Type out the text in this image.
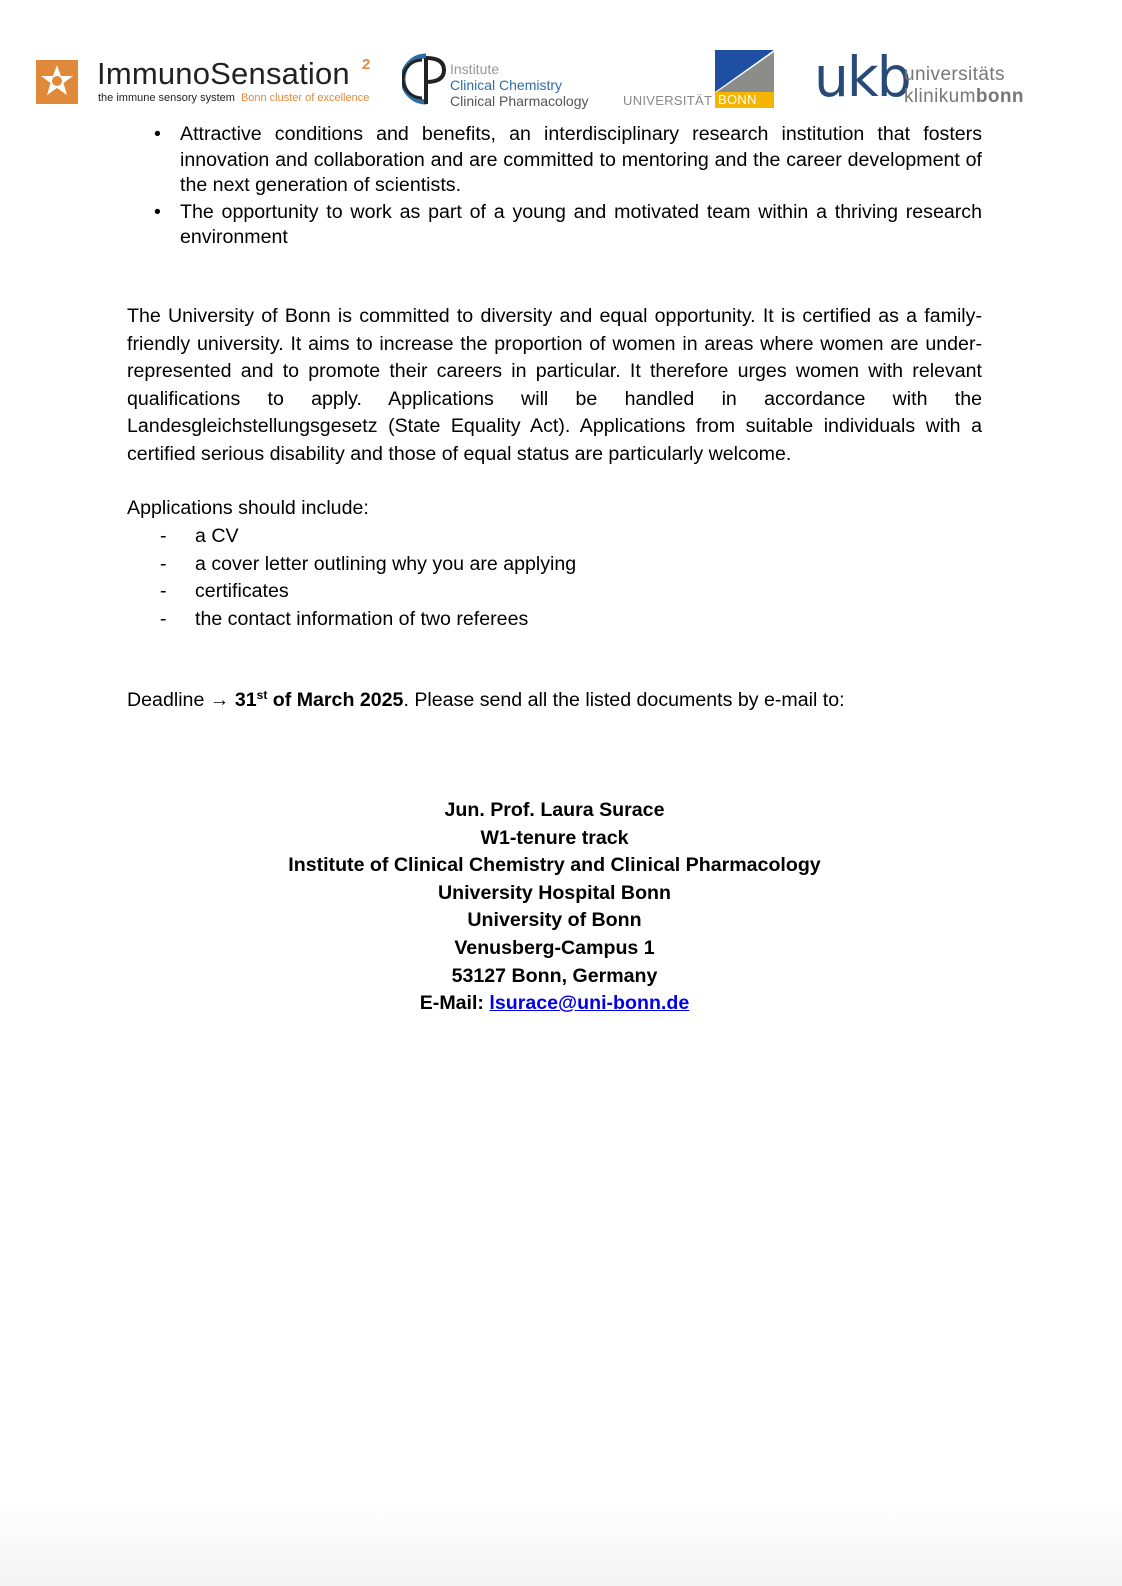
ImmunoSensation 2
the immune sensory system Bonn cluster of excellence
Institute
Clinical Chemistry
Clinical Pharmacology	UNIVERSITÄT BONN	ukb
universitäts
klinikumbonn
• Attractive conditions and benefits, an interdisciplinary research institution that fosters innovation and collaboration and are committed to mentoring and the career development of the next generation of scientists.
• The opportunity to work as part of a young and motivated team within a thriving research environment

The University of Bonn is committed to diversity and equal opportunity. It is certified as a family-friendly university. It aims to increase the proportion of women in areas where women are under-represented and to promote their careers in particular. It therefore urges women with relevant qualifications to apply. Applications will be handled in accordance with the Landesgleichstellungsgesetz (State Equality Act). Applications from suitable individuals with a certified serious disability and those of equal status are particularly welcome.

Applications should include:
- a CV
- a cover letter outlining why you are applying
- certificates
- the contact information of two referees
Deadline → 31st of March 2025. Please send all the listed documents by e-mail to:
Jun. Prof. Laura Surace
W1-tenure track
Institute of Clinical Chemistry and Clinical Pharmacology
University Hospital Bonn
University of Bonn
Venusberg-Campus 1
53127 Bonn, Germany
E-Mail: lsurace@uni-bonn.de
